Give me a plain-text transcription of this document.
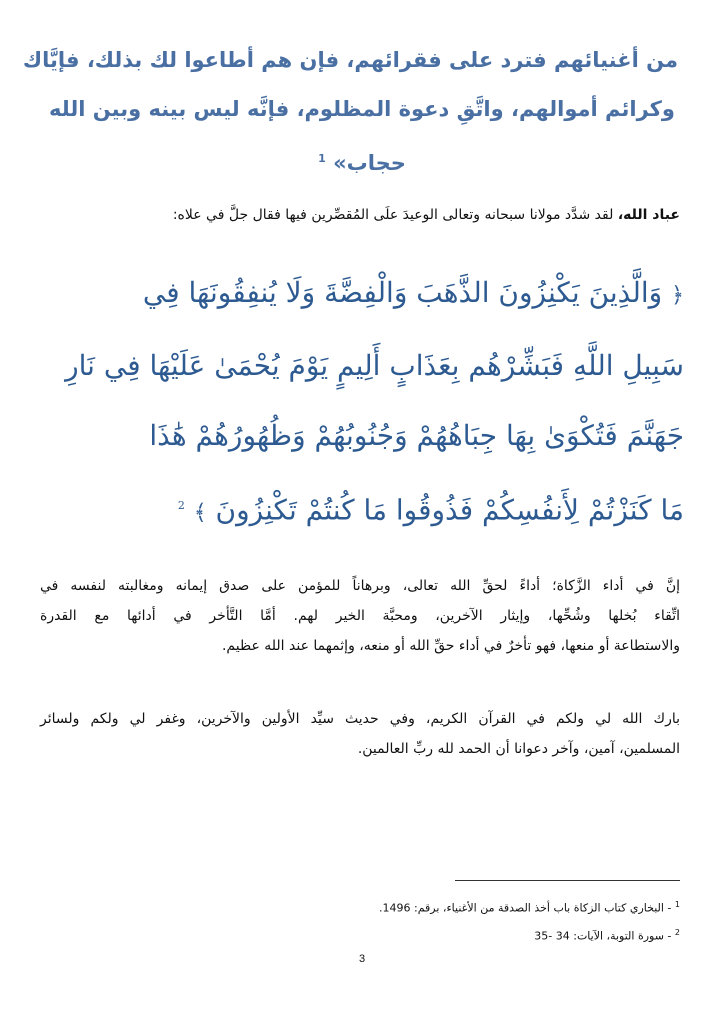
من أغنيائهم فترد على فقرائهم، فإن هم أطاعوا لك بذلك، فإيَّاك
وكرائم أموالهم، واتَّقِ دعوة المظلوم، فإنَّه ليس بينه وبين الله
حجاب» $^1$
عباد الله، لقد شدَّد مولانا سبحانه وتعالى الوعيدَ علَى المُقصِّرين فيها فقال جلَّ في علاه:
﴿ وَالَّذِينَ يَكْنِزُونَ الذَّهَبَ وَالْفِضَّةَ وَلَا يُنفِقُونَهَا فِي
سَبِيلِ اللَّهِ فَبَشِّرْهُم بِعَذَابٍ أَلِيمٍ يَوْمَ يُحْمَىٰ عَلَيْهَا فِي نَارِ
جَهَنَّمَ فَتُكْوَىٰ بِهَا جِبَاهُهُمْ وَجُنُوبُهُمْ وَظُهُورُهُمْ هَٰذَا
مَا كَنَزْتُمْ لِأَنفُسِكُمْ فَذُوقُوا مَا كُنتُمْ تَكْنِزُونَ ﴾ $^2$
إنَّ في أداء الزَّكاة؛ أداءً لحقِّ الله تعالى، وبرهاناً للمؤمن على صدق إيمانه ومغالبته لنفسه في
اتِّقاء بُخلها وشُحِّها، وإيثار الآخرين، ومحبَّة الخير لهم. أمَّا التَّأخر في أدائها مع القدرة
والاستطاعة أو منعها، فهو تأخرٌ في أداء حقِّ الله أو منعه، وإثمهما عند الله عظيم.
بارك الله لي ولكم في القرآن الكريم، وفي حديث سيِّد الأولين والآخرين، وغفر لي ولكم ولسائر
المسلمين، آمين، وآخر دعوانا أن الحمد لله ربِّ العالمين.
$^1$ - البخاري كتاب الزكاة باب أخذ الصدقة من الأغنياء، برقم: 1496.
$^2$ - سورة التوبة، الآيات: 34 -35
3
